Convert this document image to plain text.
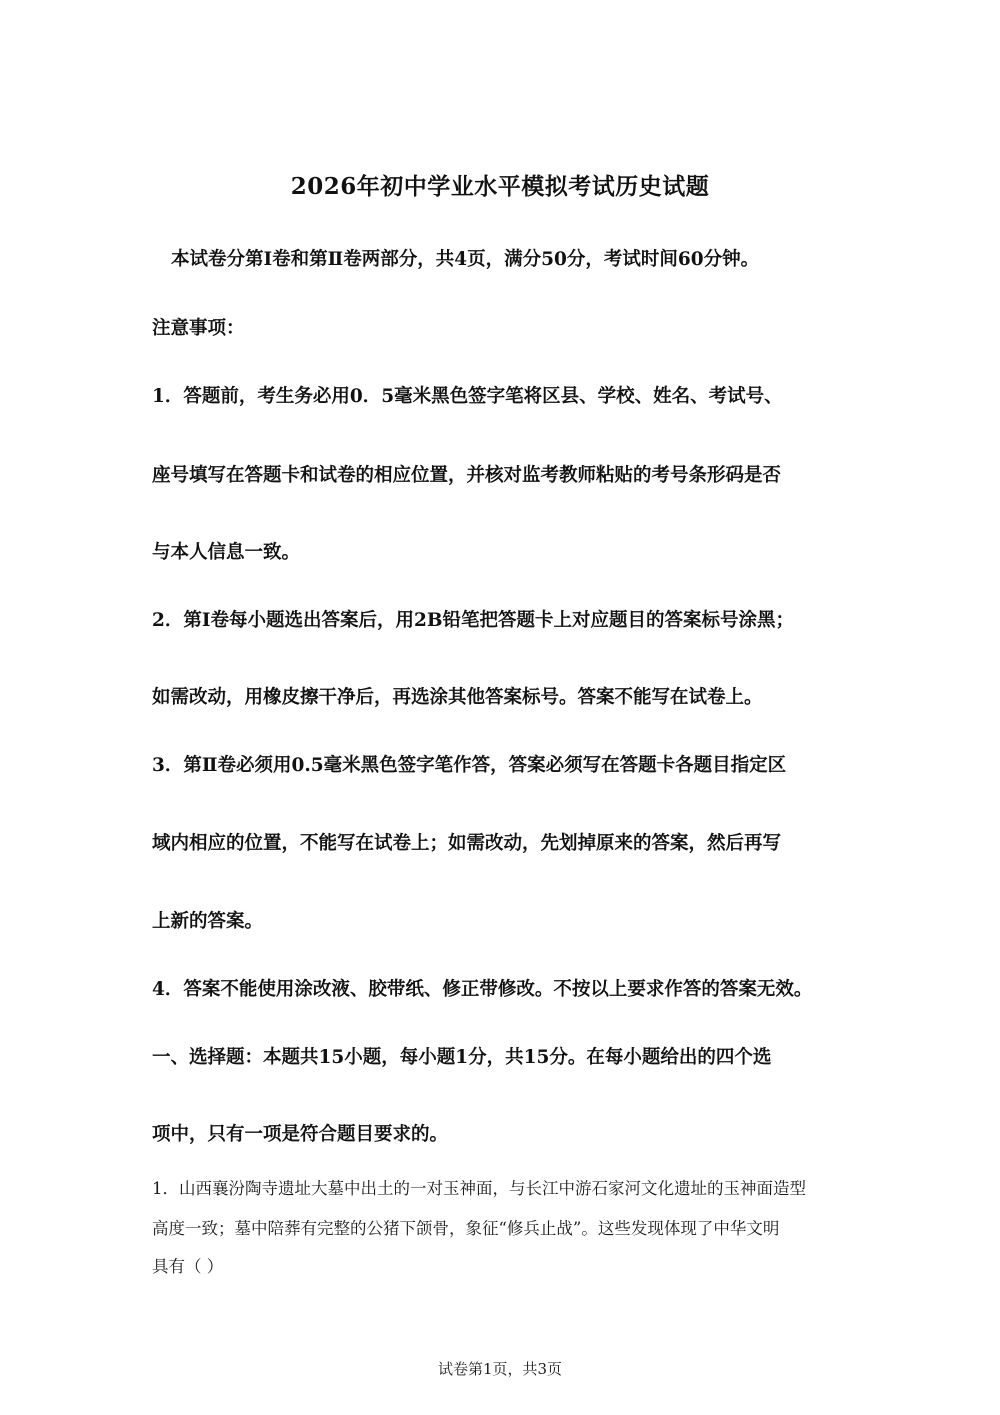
2026年初中学业水平模拟考试历史试题
本试卷分第Ⅰ卷和第Ⅱ卷两部分，共4页，满分50分，考试时间60分钟。
注意事项：
1．答题前，考生务必用0．5毫米黑色签字笔将区县、学校、姓名、考试号、
座号填写在答题卡和试卷的相应位置，并核对监考教师粘贴的考号条形码是否
与本人信息一致。
2．第Ⅰ卷每小题选出答案后，用2B铅笔把答题卡上对应题目的答案标号涂黑；
如需改动，用橡皮擦干净后，再选涂其他答案标号。答案不能写在试卷上。
3．第Ⅱ卷必须用0.5毫米黑色签字笔作答，答案必须写在答题卡各题目指定区
域内相应的位置，不能写在试卷上；如需改动，先划掉原来的答案，然后再写
上新的答案。
4．答案不能使用涂改液、胶带纸、修正带修改。不按以上要求作答的答案无效。
一、选择题：本题共15小题，每小题1分，共15分。在每小题给出的四个选
项中，只有一项是符合题目要求的。
1．山西襄汾陶寺遗址大墓中出土的一对玉神面，与长江中游石家河文化遗址的玉神面造型
高度一致；墓中陪葬有完整的公猪下颌骨，象征“修兵止战”。这些发现体现了中华文明
具有（ ）
试卷第1页，共3页
